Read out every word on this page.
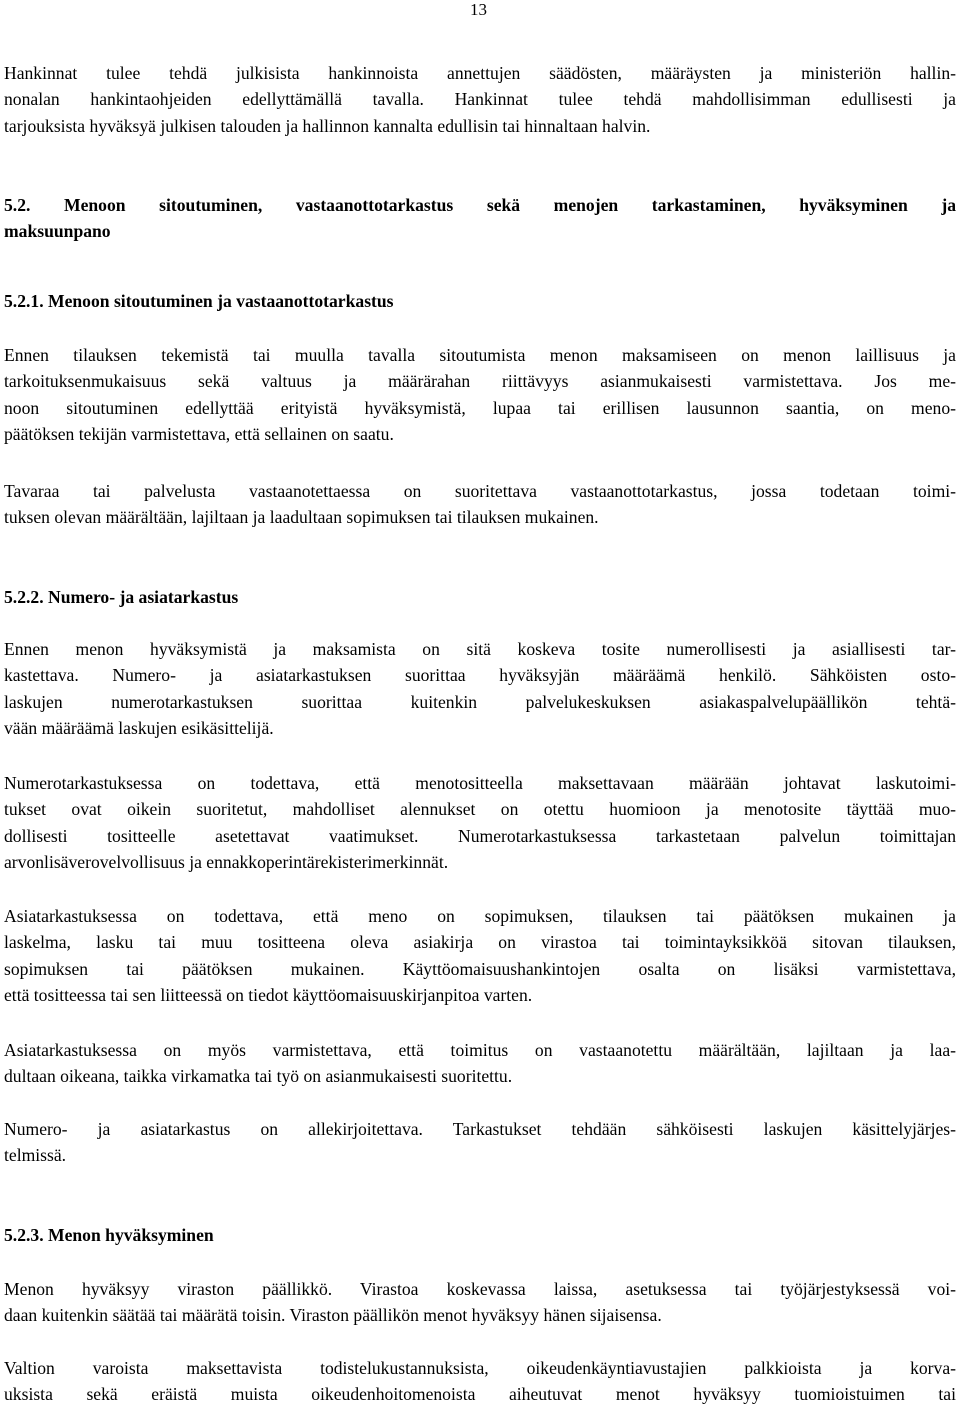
13
Hankinnat tulee tehdä julkisista hankinnoista annettujen säädösten, määräysten ja ministeriön hallin-
nonalan hankintaohjeiden edellyttämällä tavalla. Hankinnat tulee tehdä mahdollisimman edullisesti ja
tarjouksista hyväksyä julkisen talouden ja hallinnon kannalta edullisin tai hinnaltaan halvin.
5.2. Menoon sitoutuminen, vastaanottotarkastus sekä menojen tarkastaminen, hyväksyminen ja
maksuunpano
5.2.1. Menoon sitoutuminen ja vastaanottotarkastus
Ennen tilauksen tekemistä tai muulla tavalla sitoutumista menon maksamiseen on menon laillisuus ja
tarkoituksenmukaisuus sekä valtuus ja määrärahan riittävyys asianmukaisesti varmistettava. Jos me-
noon sitoutuminen edellyttää erityistä hyväksymistä, lupaa tai erillisen lausunnon saantia, on meno-
päätöksen tekijän varmistettava, että sellainen on saatu.
Tavaraa tai palvelusta vastaanotettaessa on suoritettava vastaanottotarkastus, jossa todetaan toimi-
tuksen olevan määrältään, lajiltaan ja laadultaan sopimuksen tai tilauksen mukainen.
5.2.2. Numero- ja asiatarkastus
Ennen menon hyväksymistä ja maksamista on sitä koskeva tosite numerollisesti ja asiallisesti tar-
kastettava. Numero- ja asiatarkastuksen suorittaa hyväksyjän määräämä henkilö. Sähköisten osto-
laskujen numerotarkastuksen suorittaa kuitenkin palvelukeskuksen asiakaspalvelupäällikön tehtä-
vään määräämä laskujen esikäsittelijä.
Numerotarkastuksessa on todettava, että menotositteella maksettavaan määrään johtavat laskutoimi-
tukset ovat oikein suoritetut, mahdolliset alennukset on otettu huomioon ja menotosite täyttää muo-
dollisesti tositteelle asetettavat vaatimukset. Numerotarkastuksessa tarkastetaan palvelun toimittajan
arvonlisäverovelvollisuus ja ennakkoperintärekisterimerkinnät.
Asiatarkastuksessa on todettava, että meno on sopimuksen, tilauksen tai päätöksen mukainen ja
laskelma, lasku tai muu tositteena oleva asiakirja on virastoa tai toimintayksikköä sitovan tilauksen,
sopimuksen tai päätöksen mukainen. Käyttöomaisuushankintojen osalta on lisäksi varmistettava,
että tositteessa tai sen liitteessä on tiedot käyttöomaisuuskirjanpitoa varten.
Asiatarkastuksessa on myös varmistettava, että toimitus on vastaanotettu määrältään, lajiltaan ja laa-
dultaan oikeana, taikka virkamatka tai työ on asianmukaisesti suoritettu.
Numero- ja asiatarkastus on allekirjoitettava. Tarkastukset tehdään sähköisesti laskujen käsittelyjärjes-
telmissä.
5.2.3. Menon hyväksyminen
Menon hyväksyy viraston päällikkö. Virastoa koskevassa laissa, asetuksessa tai työjärjestyksessä voi-
daan kuitenkin säätää tai määrätä toisin. Viraston päällikön menot hyväksyy hänen sijaisensa.
Valtion varoista maksettavista todistelukustannuksista, oikeudenkäyntiavustajien palkkioista ja korva-
uksista sekä eräistä muista oikeudenhoitomenoista aiheutuvat menot hyväksyy tuomioistuimen tai
